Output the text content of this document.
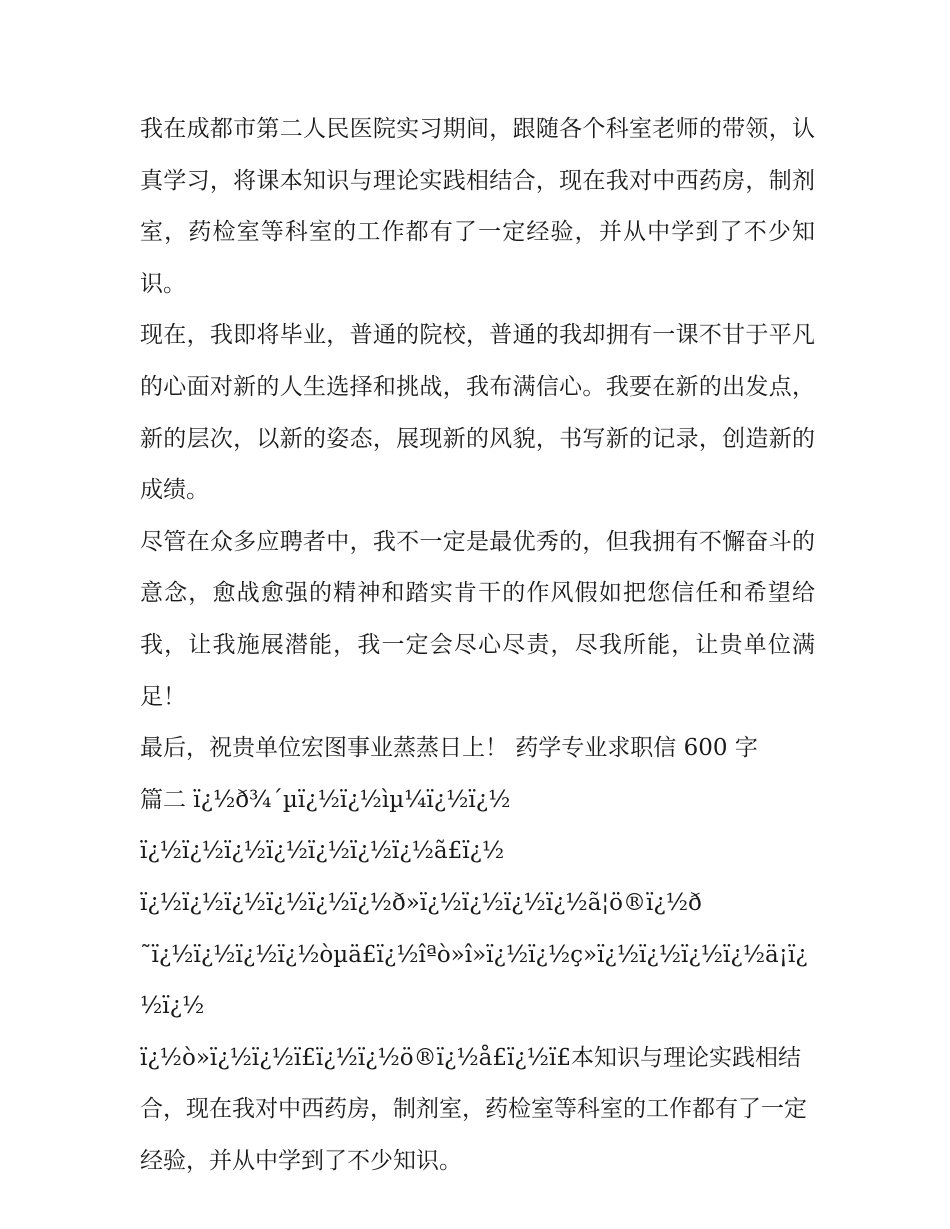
我在成都市第二人民医院实习期间，跟随各个科室老师的带领，认真学习，将课本知识与理论实践相结合，现在我对中西药房，制剂室，药检室等科室的工作都有了一定经验，并从中学到了不少知识。

现在，我即将毕业，普通的院校，普通的我却拥有一课不甘于平凡的心面对新的人生选择和挑战，我布满信心。我要在新的出发点，新的层次，以新的姿态，展现新的风貌，书写新的记录，创造新的成绩。

尽管在众多应聘者中，我不一定是最优秀的，但我拥有不懈奋斗的意念，愈战愈强的精神和踏实肯干的作风假如把您信任和希望给我，让我施展潜能，我一定会尽心尽责，尽我所能，让贵单位满足！

最后，祝贵单位宏图事业蒸蒸日上！ 药学专业求职信 600 字

篇二 ï¿½ð¾´µï¿½ï¿½ìµ¼ï¿½ï¿½
ï¿½ï¿½ï¿½ï¿½ï¿½ï¿½ï¿½ã£ï¿½
ï¿½ï¿½ï¿½ï¿½ï¿½ï¿½ð»ï¿½ï¿½ï¿½ï¿½ã¦ö®ï¿½ð
˜ï¿½ï¿½ï¿½ï¿½òµä£ï¿½îªò»î»ï¿½ï¿½ç»ï¿½ï¿½ï¿½ï¿½ä¡ï¿½ï¿½
ï¿½ò»ï¿½ï¿½ï£ï¿½ï¿½ö®ï¿½å£ï¿½ï£本知识与理论实践相结合，现在我对中西药房，制剂室，药检室等科室的工作都有了一定经验，并从中学到了不少知识。
